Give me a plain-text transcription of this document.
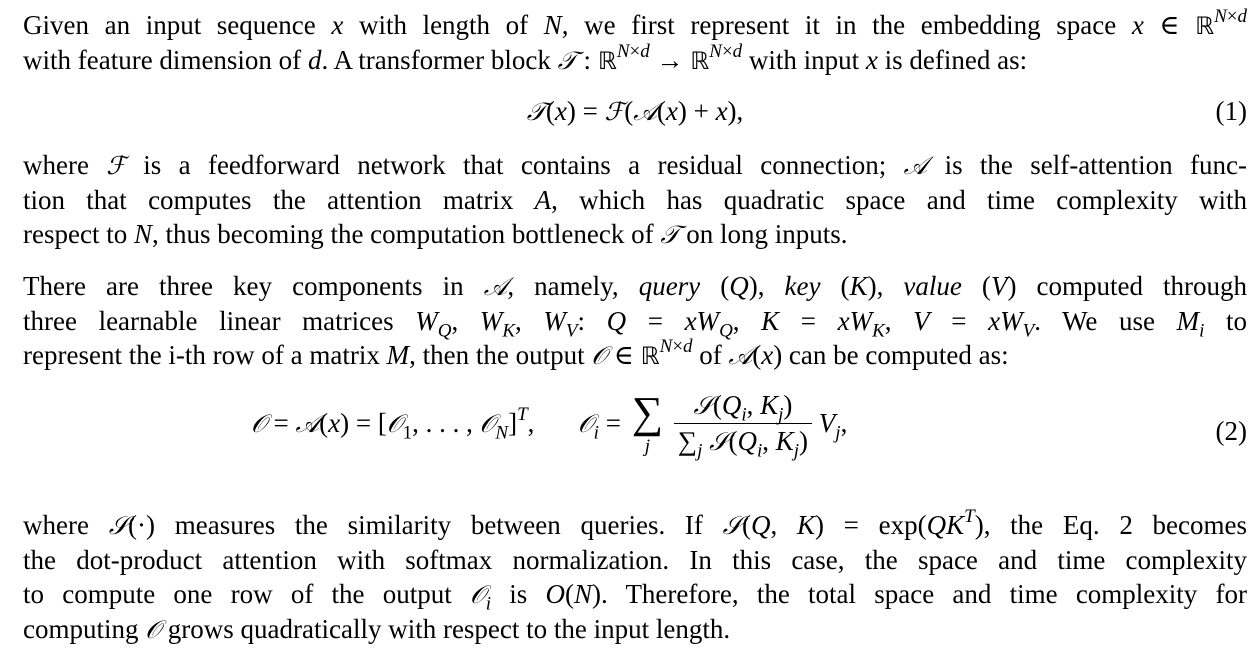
Given an input sequence x with length of N, we first represent it in the embedding space x ∈ ℝ$^{N\times d}$
with feature dimension of d. A transformer block 𝒯 : ℝ$^{N\times d}$ → ℝ$^{N\times d}$ with input x is defined as:
𝒯(x) = ℱ(𝒜(x) + x),	(1)
where ℱ is a feedforward network that contains a residual connection; 𝒜 is the self-attention func-
tion that computes the attention matrix A, which has quadratic space and time complexity with
respect to N, thus becoming the computation bottleneck of 𝒯 on long inputs.
There are three key components in 𝒜, namely, query (Q), key (K), value (V) computed through
three learnable linear matrices $W_Q$, $W_K$, $W_V$: $Q = xW_Q$, $K = xW_K$, $V = xW_V$. We use $M_i$ to
represent the i-th row of a matrix M, then the output 𝒪 ∈ ℝ$^{N\times d}$ of 𝒜(x) can be computed as:
𝒪 = 𝒜(x) = [𝒪$_1$, . . . , 𝒪$_N$]$^T$, 𝒪$_i$ = ∑
j
$\frac{𝒮(Q_i, K_j)}{\sum_j 𝒮(Q_i, K_j)} V_j$,	(2)
where 𝒮(·) measures the similarity between queries. If 𝒮(Q, $K) = \exp(QK^T)$, the Eq. 2 becomes
the dot-product attention with softmax normalization. In this case, the space and time complexity
to compute one row of the output 𝒪$_i$ is O(N). Therefore, the total space and time complexity for
computing 𝒪 grows quadratically with respect to the input length.
